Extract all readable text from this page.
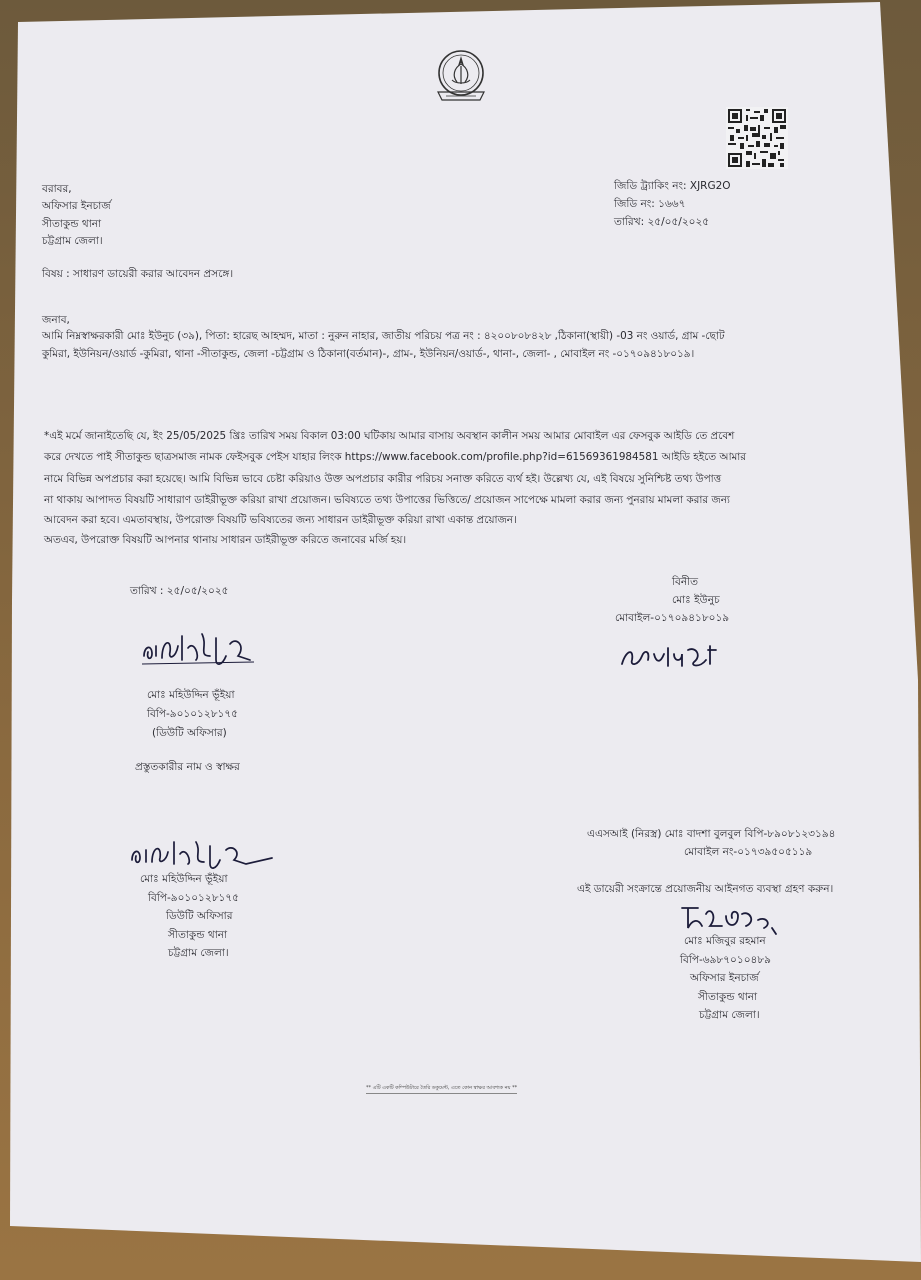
বরাবর,
অফিসার ইনচার্জ
সীতাকুন্ড থানা
চট্টগ্রাম জেলা।
জিডি ট্র্যাকিং নং: XJRG2O
জিডি নং: ১৬৬৭
তারিখ: ২৫/০৫/২০২৫
বিষয় : সাধারণ ডায়েরী করার আবেদন প্রসঙ্গে।
জনাব,
আমি নিম্নস্বাক্ষরকারী মোঃ ইউনুচ (৩৯), পিতা: হারেছ আহম্মদ, মাতা : নুরুন নাহার, জাতীয় পরিচয় পত্র নং : ৪২০০৮০৮৪২৮ ,ঠিকানা(স্থায়ী) -03 নং ওয়ার্ড, গ্রাম -ছোট
কুমিরা, ইউনিয়ন/ওয়ার্ড -কুমিরা, থানা -সীতাকুন্ড, জেলা -চট্টগ্রাম ও ঠিকানা(বর্তমান)-, গ্রাম-, ইউনিয়ন/ওয়ার্ড-, থানা-, জেলা- , মোবাইল নং -০১৭০৯৪১৮০১৯।
*এই মর্মে জানাইতেছি যে, ইং 25/05/2025 খ্রিঃ তারিখ সময় বিকাল 03:00 ঘটিকায় আমার বাসায় অবস্থান কালীন সময় আমার মোবাইল এর ফেসবুক আইডি তে প্রবেশ
করে দেখতে পাই সীতাকুন্ড ছাত্রসমাজ নামক ফেইসবুক পেইস যাহার লিংক https://www.facebook.com/profile.php?id=61569361984581 আইডি হইতে আমার
নামে বিভিন্ন অপপ্রচার করা হয়েছে। আমি বিভিন্ন ভাবে চেষ্টা করিয়াও উক্ত অপপ্রচার কারীর পরিচয় সনাক্ত করিতে ব্যর্থ হই। উল্লেখ্য যে, এই বিষয়ে সুনিশ্চিষ্ট তথ্য উপাত্ত
না থাকায় আপাদত বিষয়টি সাধারাণ ডাইরীভূক্ত করিয়া রাখা প্রয়োজন। ভবিষ্যতে তথ্য উপাত্তের ভিত্তিতে/ প্রয়োজন সাপেক্ষে মামলা করার জন্য পুনরায় মামলা করার জন্য
আবেদন করা হবে। এমতাবস্থায়, উপরোক্ত বিষয়টি ভবিষ্যতের জন্য সাধারন ডাইরীভূক্ত করিয়া রাখা একান্ত প্রয়োজন।
অতএব, উপরোক্ত বিষয়টি আপনার থানায় সাধারন ডাইরীভূক্ত করিতে জনাবের মর্জি হয়।
তারিখ : ২৫/০৫/২০২৫
বিনীত
মোঃ ইউনুচ
মোবাইল-০১৭০৯৪১৮০১৯
মোঃ মহিউদ্দিন ভূঁইয়া
বিপি-৯০১০১২৮১৭৫
(ডিউটি অফিসার)
প্রস্তুতকারীর নাম ও স্বাক্ষর
মোঃ মহিউদ্দিন ভূঁইয়া
বিপি-৯০১০১২৮১৭৫
ডিউটি অফিসার
সীতাকুন্ড থানা
চট্টগ্রাম জেলা।
এএসআই (নিরস্ত্র) মোঃ বাদশা বুলবুল বিপি-৮৯০৮১২৩১৯৪
মোবাইল নং-০১৭৩৯৫০৫১১৯
এই ডায়েরী সংক্রান্তে প্রয়োজনীয় আইনগত ব্যবস্থা গ্রহণ করুন।
মোঃ মজিবুর রহমান
বিপি-৬৯৮৭০১০৪৮৯
অফিসার ইনচার্জ
সীতাকুন্ড থানা
চট্টগ্রাম জেলা।
** এটি একটি কম্পিউটারে তৈরি ডকুমেন্ট, এতে কোন স্বাক্ষর আবশ্যক নয় **
